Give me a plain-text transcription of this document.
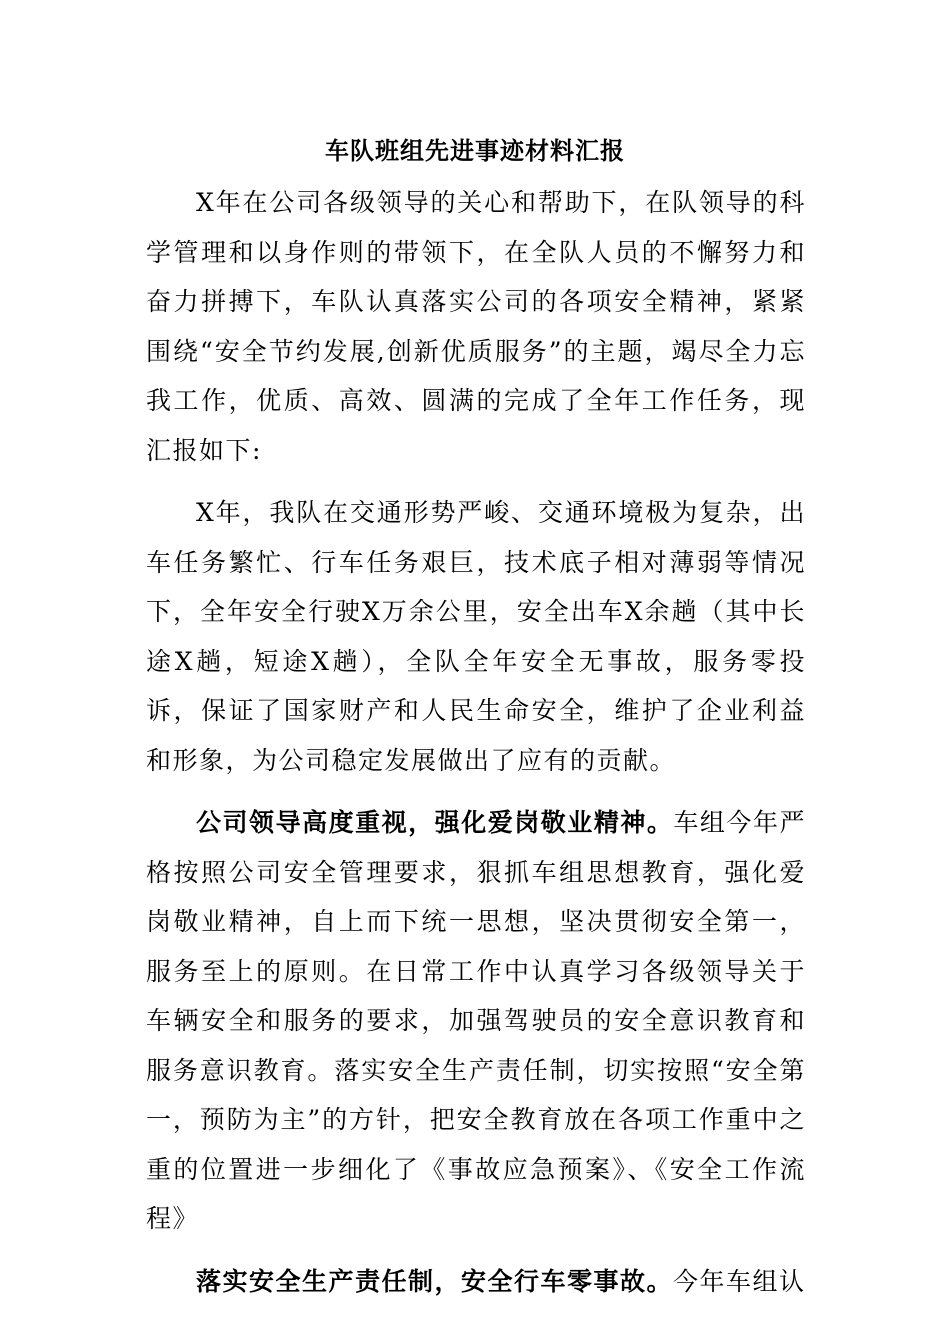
车队班组先进事迹材料汇报

X年在公司各级领导的关心和帮助下，在队领导的科学管理和以身作则的带领下，在全队人员的不懈努力和奋力拼搏下，车队认真落实公司的各项安全精神，紧紧围绕“安全节约发展,创新优质服务”的主题，竭尽全力忘我工作，优质、高效、圆满的完成了全年工作任务，现汇报如下:

X年，我队在交通形势严峻、交通环境极为复杂，出车任务繁忙、行车任务艰巨，技术底子相对薄弱等情况下，全年安全行驶X万余公里，安全出车X余趟（其中长途X趟，短途X趟），全队全年安全无事故，服务零投诉，保证了国家财产和人民生命安全，维护了企业利益和形象，为公司稳定发展做出了应有的贡献。

公司领导高度重视，强化爱岗敬业精神。车组今年严格按照公司安全管理要求，狠抓车组思想教育，强化爱岗敬业精神，自上而下统一思想，坚决贯彻安全第一，服务至上的原则。在日常工作中认真学习各级领导关于车辆安全和服务的要求，加强驾驶员的安全意识教育和服务意识教育。落实安全生产责任制，切实按照“安全第一，预防为主”的方针，把安全教育放在各项工作重中之重的位置进一步细化了《事故应急预案》、《安全工作流程》

落实安全生产责任制，安全行车零事故。今年车组认
